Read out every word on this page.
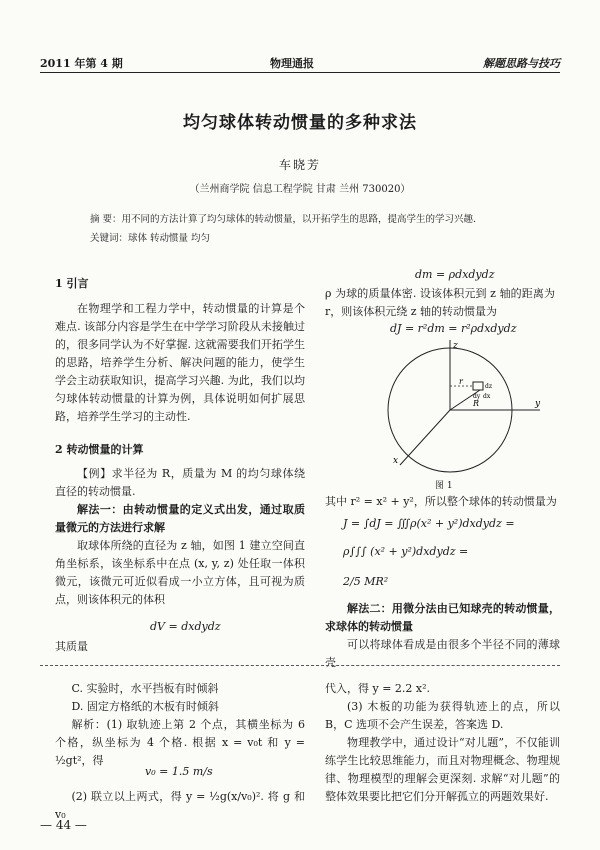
2011 年第 4 期	物理通报	解题思路与技巧
均匀球体转动惯量的多种求法
车晓芳
（兰州商学院 信息工程学院 甘肃 兰州 730020）
摘 要：用不同的方法计算了均匀球体的转动惯量，以开拓学生的思路，提高学生的学习兴趣.
关键词：球体 转动惯量 均匀
1 引言

在物理学和工程力学中，转动惯量的计算是个难点. 该部分内容是学生在中学学习阶段从未接触过的，很多同学认为不好掌握. 这就需要我们开拓学生的思路，培养学生分析、解决问题的能力，使学生学会主动获取知识，提高学习兴趣. 为此，我们以均匀球体转动惯量的计算为例，具体说明如何扩展思路，培养学生学习的主动性.

2 转动惯量的计算

【例】求半径为 R，质量为 M 的均匀球体绕直径的转动惯量.

解法一：由转动惯量的定义式出发，通过取质量微元的方法进行求解

取球体所绕的直径为 z 轴，如图 1 建立空间直角坐标系，该坐标系中在点 (x, y, z) 处任取一体积微元，该微元可近似看成一小立方体，且可视为质点，则该体积元的体积

dV = dxdydz
其质量
dm = ρdxdydz

ρ 为球的质量体密. 设该体积元到 z 轴的距离为 r，则该体积元绕 z 轴的转动惯量为

dJ = r²dm = r²ρdxdydz
z
y
x
r
R
dz
dy dx
图 1

其中 r² = x² + y²，所以整个球体的转动惯量为

J = ∫dJ = ∭ρ(x² + y²)dxdydz =
ρ∫∫∫ (x² + y²)dxdydz =
2/5 MR²

解法二：用微分法由已知球壳的转动惯量，求球体的转动惯量

可以将球体看成是由很多个半径不同的薄球壳

C. 实验时，水平挡板有时倾斜

D. 固定方格纸的木板有时倾斜

解析：(1) 取轨迹上第 2 个点，其横坐标为 6 个格，纵坐标为 4 个格. 根据 x = v₀t 和 y = ½gt²，得

v₀ = 1.5 m/s

(2) 联立以上两式，得 y = ½g(x/v₀)². 将 g 和 v₀

代入，得 y = 2.2 x².

(3) 木板的功能为获得轨迹上的点，所以 B，C 选项不会产生误差，答案选 D.

物理教学中，通过设计“对儿题”，不仅能训练学生比较思维能力，而且对物理概念、物理规律、物理模型的理解会更深刻. 求解“对儿题”的整体效果要比把它们分开解孤立的两题效果好.

— 44 —
